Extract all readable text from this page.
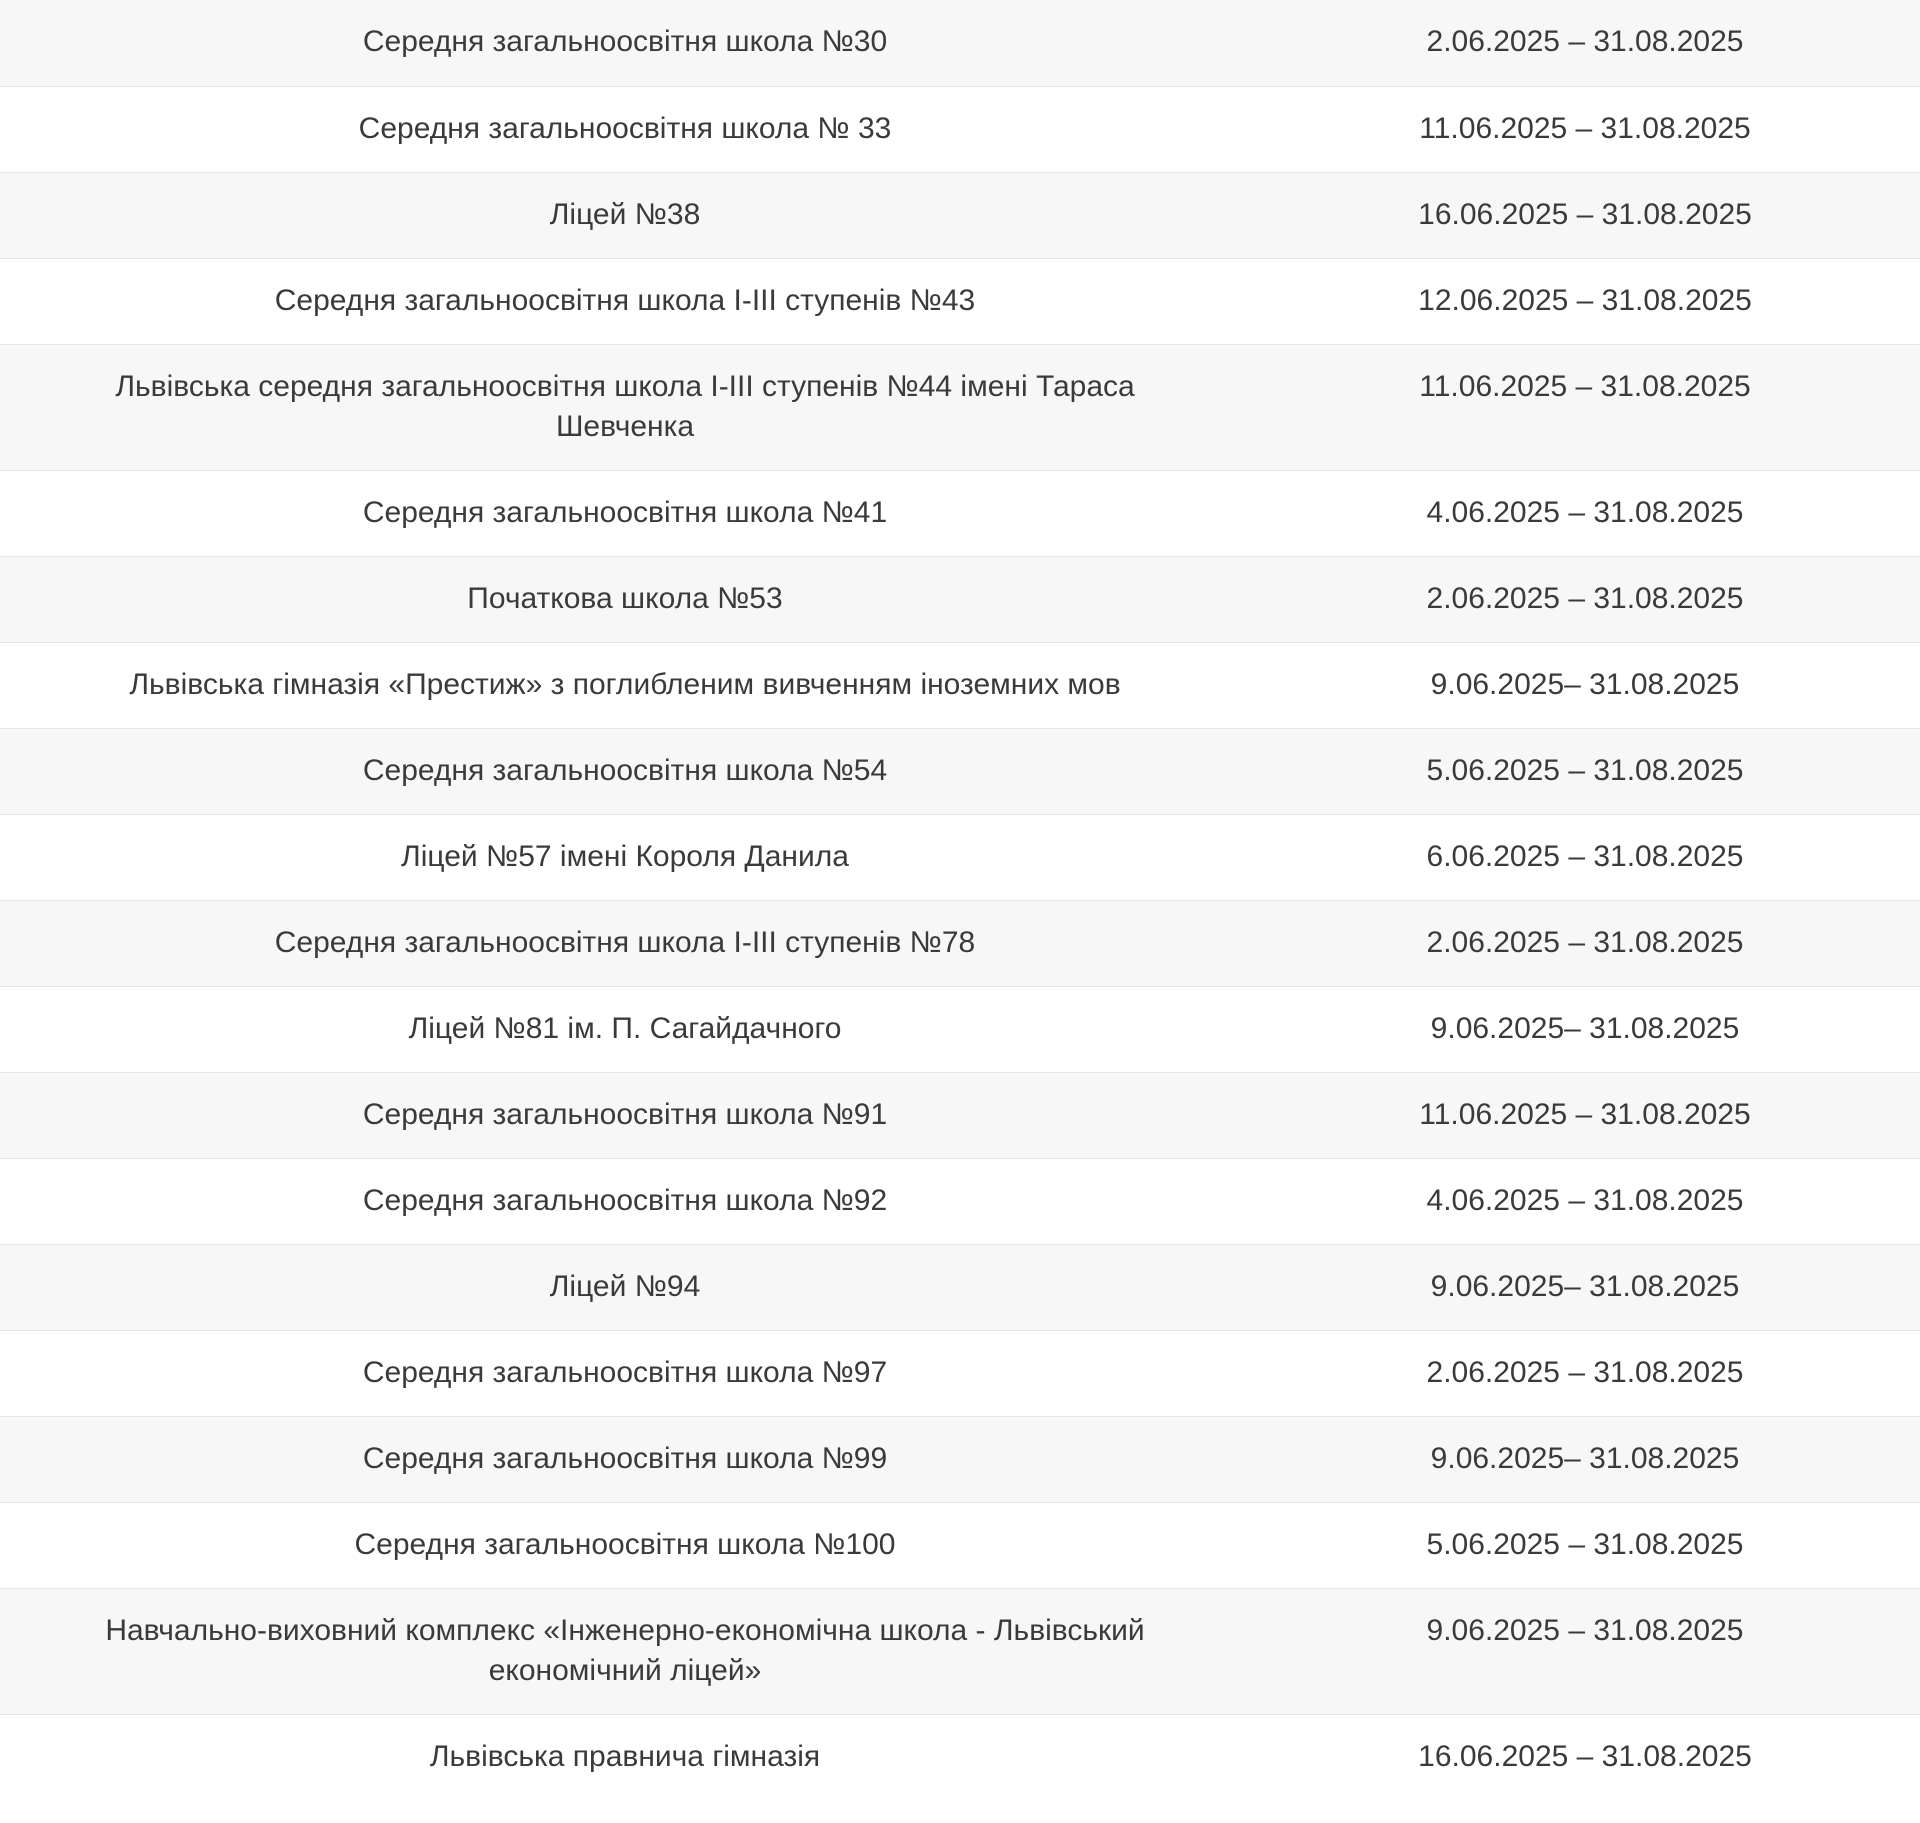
Середня загальноосвітня школа №30	2.06.2025 – 31.08.2025
Середня загальноосвітня школа № 33	11.06.2025 – 31.08.2025
Ліцей №38	16.06.2025 – 31.08.2025
Середня загальноосвітня школа І-ІІІ ступенів №43	12.06.2025 – 31.08.2025
Львівська середня загальноосвітня школа І-ІІІ ступенів №44 імені Тараса Шевченка	11.06.2025 – 31.08.2025
Середня загальноосвітня школа №41	4.06.2025 – 31.08.2025
Початкова школа №53	2.06.2025 – 31.08.2025
Львівська гімназія «Престиж» з поглибленим вивченням іноземних мов	9.06.2025– 31.08.2025
Середня загальноосвітня школа №54	5.06.2025 – 31.08.2025
Ліцей №57 імені Короля Данила	6.06.2025 – 31.08.2025
Середня загальноосвітня школа І-ІІІ ступенів №78	2.06.2025 – 31.08.2025
Ліцей №81 ім. П. Сагайдачного	9.06.2025– 31.08.2025
Середня загальноосвітня школа №91	11.06.2025 – 31.08.2025
Середня загальноосвітня школа №92	4.06.2025 – 31.08.2025
Ліцей №94	9.06.2025– 31.08.2025
Середня загальноосвітня школа №97	2.06.2025 – 31.08.2025
Середня загальноосвітня школа №99	9.06.2025– 31.08.2025
Середня загальноосвітня школа №100	5.06.2025 – 31.08.2025
Навчально-виховний комплекс «Інженерно-економічна школа - Львівський економічний ліцей»	9.06.2025 – 31.08.2025
Львівська правнича гімназія	16.06.2025 – 31.08.2025
